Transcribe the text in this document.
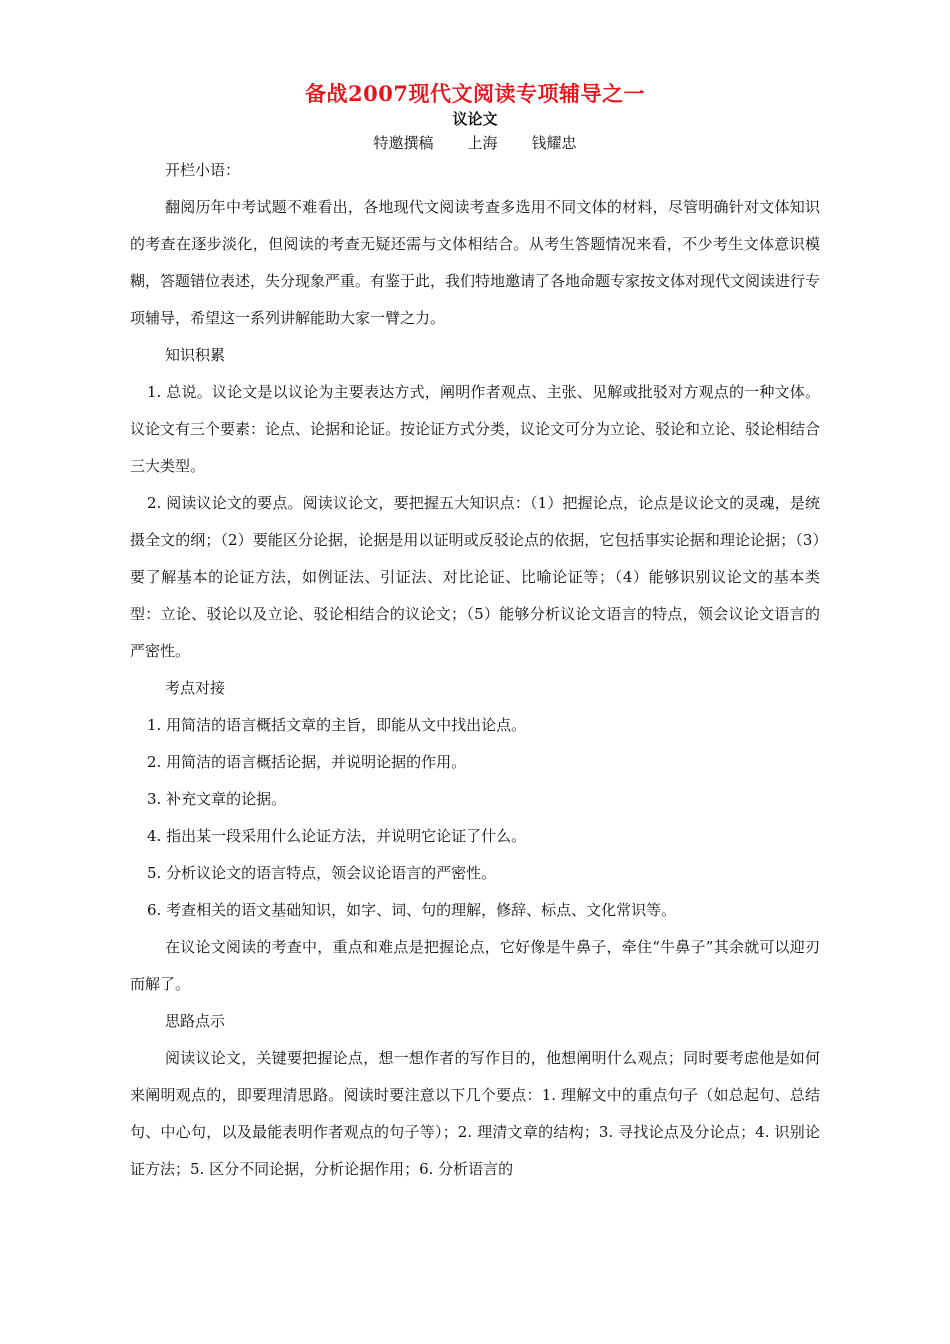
备战2007现代文阅读专项辅导之一
议论文
特邀撰稿 上海 钱耀忠

开栏小语：

翻阅历年中考试题不难看出，各地现代文阅读考查多选用不同文体的材料，尽管明确针对文体知识的考查在逐步淡化，但阅读的考查无疑还需与文体相结合。从考生答题情况来看，不少考生文体意识模糊，答题错位表述，失分现象严重。有鉴于此，我们特地邀请了各地命题专家按文体对现代文阅读进行专项辅导，希望这一系列讲解能助大家一臂之力。

知识积累

1. 总说。议论文是以议论为主要表达方式，阐明作者观点、主张、见解或批驳对方观点的一种文体。议论文有三个要素：论点、论据和论证。按论证方式分类，议论文可分为立论、驳论和立论、驳论相结合三大类型。

2. 阅读议论文的要点。阅读议论文，要把握五大知识点：（1）把握论点，论点是议论文的灵魂，是统摄全文的纲；（2）要能区分论据，论据是用以证明或反驳论点的依据，它包括事实论据和理论论据；（3）要了解基本的论证方法，如例证法、引证法、对比论证、比喻论证等；（4）能够识别议论文的基本类型：立论、驳论以及立论、驳论相结合的议论文；（5）能够分析议论文语言的特点，领会议论文语言的严密性。

考点对接

1. 用简洁的语言概括文章的主旨，即能从文中找出论点。

2. 用简洁的语言概括论据，并说明论据的作用。

3. 补充文章的论据。

4. 指出某一段采用什么论证方法，并说明它论证了什么。

5. 分析议论文的语言特点，领会议论语言的严密性。

6. 考查相关的语文基础知识，如字、词、句的理解，修辞、标点、文化常识等。

在议论文阅读的考查中，重点和难点是把握论点，它好像是牛鼻子，牵住“牛鼻子”其余就可以迎刃而解了。

思路点示

阅读议论文，关键要把握论点，想一想作者的写作目的，他想阐明什么观点；同时要考虑他是如何来阐明观点的，即要理清思路。阅读时要注意以下几个要点：1. 理解文中的重点句子（如总起句、总结句、中心句，以及最能表明作者观点的句子等）；2. 理清文章的结构；3. 寻找论点及分论点；4. 识别论证方法；5. 区分不同论据，分析论据作用；6. 分析语言的
